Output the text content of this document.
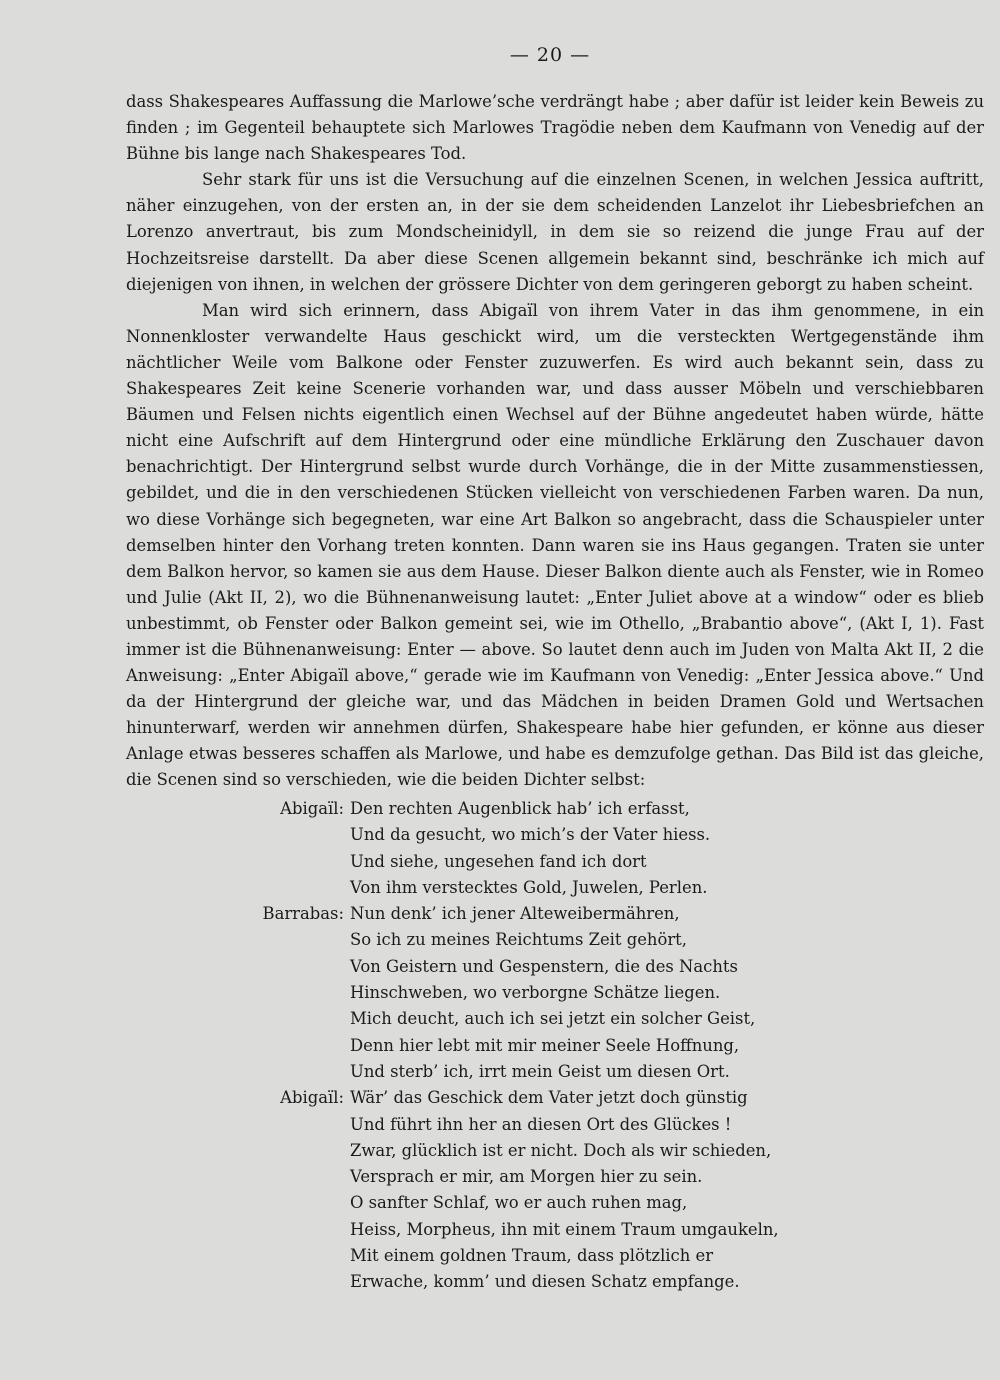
— 20 —

dass Shakespeares Auffassung die Marlowe’sche verdrängt habe ; aber dafür ist leider kein Beweis zu finden ; im Gegenteil behauptete sich Marlowes Tragödie neben dem Kaufmann von Venedig auf der Bühne bis lange nach Shakespeares Tod.

Sehr stark für uns ist die Versuchung auf die einzelnen Scenen, in welchen Jessica auftritt, näher einzugehen, von der ersten an, in der sie dem scheidenden Lanzelot ihr Liebesbriefchen an Lorenzo anvertraut, bis zum Mondscheinidyll, in dem sie so reizend die junge Frau auf der Hochzeitsreise darstellt. Da aber diese Scenen allgemein bekannt sind, beschränke ich mich auf diejenigen von ihnen, in welchen der grössere Dichter von dem geringeren geborgt zu haben scheint.

Man wird sich erinnern, dass Abigaïl von ihrem Vater in das ihm genommene, in ein Nonnenkloster verwandelte Haus geschickt wird, um die versteckten Wertgegenstände ihm nächtlicher Weile vom Balkone oder Fenster zuzuwerfen. Es wird auch bekannt sein, dass zu Shakespeares Zeit keine Scenerie vorhanden war, und dass ausser Möbeln und verschiebbaren Bäumen und Felsen nichts eigentlich einen Wechsel auf der Bühne angedeutet haben würde, hätte nicht eine Aufschrift auf dem Hintergrund oder eine mündliche Erklärung den Zuschauer davon benachrichtigt. Der Hintergrund selbst wurde durch Vorhänge, die in der Mitte zusammenstiessen, gebildet, und die in den verschiedenen Stücken vielleicht von verschiedenen Farben waren. Da nun, wo diese Vorhänge sich begegneten, war eine Art Balkon so angebracht, dass die Schauspieler unter demselben hinter den Vorhang treten konnten. Dann waren sie ins Haus gegangen. Traten sie unter dem Balkon hervor, so kamen sie aus dem Hause. Dieser Balkon diente auch als Fenster, wie in Romeo und Julie (Akt II, 2), wo die Bühnenanweisung lautet: „Enter Juliet above at a window“ oder es blieb unbestimmt, ob Fenster oder Balkon gemeint sei, wie im Othello, „Brabantio above“, (Akt I, 1). Fast immer ist die Bühnenanweisung: Enter — above. So lautet denn auch im Juden von Malta Akt II, 2 die Anweisung: „Enter Abigaïl above,“ gerade wie im Kaufmann von Venedig: „Enter Jessica above.“ Und da der Hintergrund der gleiche war, und das Mädchen in beiden Dramen Gold und Wertsachen hinunterwarf, werden wir annehmen dürfen, Shakespeare habe hier gefunden, er könne aus dieser Anlage etwas besseres schaffen als Marlowe, und habe es demzufolge gethan. Das Bild ist das gleiche, die Scenen sind so verschieden, wie die beiden Dichter selbst:

Abigaïl: Den rechten Augenblick hab’ ich erfasst,
Und da gesucht, wo mich’s der Vater hiess.
Und siehe, ungesehen fand ich dort
Von ihm verstecktes Gold, Juwelen, Perlen.
Barrabas: Nun denk’ ich jener Alteweibermähren,
So ich zu meines Reichtums Zeit gehört,
Von Geistern und Gespenstern, die des Nachts
Hinschweben, wo verborgne Schätze liegen.
Mich deucht, auch ich sei jetzt ein solcher Geist,
Denn hier lebt mit mir meiner Seele Hoffnung,
Und sterb’ ich, irrt mein Geist um diesen Ort.
Abigaïl: Wär’ das Geschick dem Vater jetzt doch günstig
Und führt ihn her an diesen Ort des Glückes !
Zwar, glücklich ist er nicht. Doch als wir schieden,
Versprach er mir, am Morgen hier zu sein.
O sanfter Schlaf, wo er auch ruhen mag,
Heiss, Morpheus, ihn mit einem Traum umgaukeln,
Mit einem goldnen Traum, dass plötzlich er
Erwache, komm’ und diesen Schatz empfange.
